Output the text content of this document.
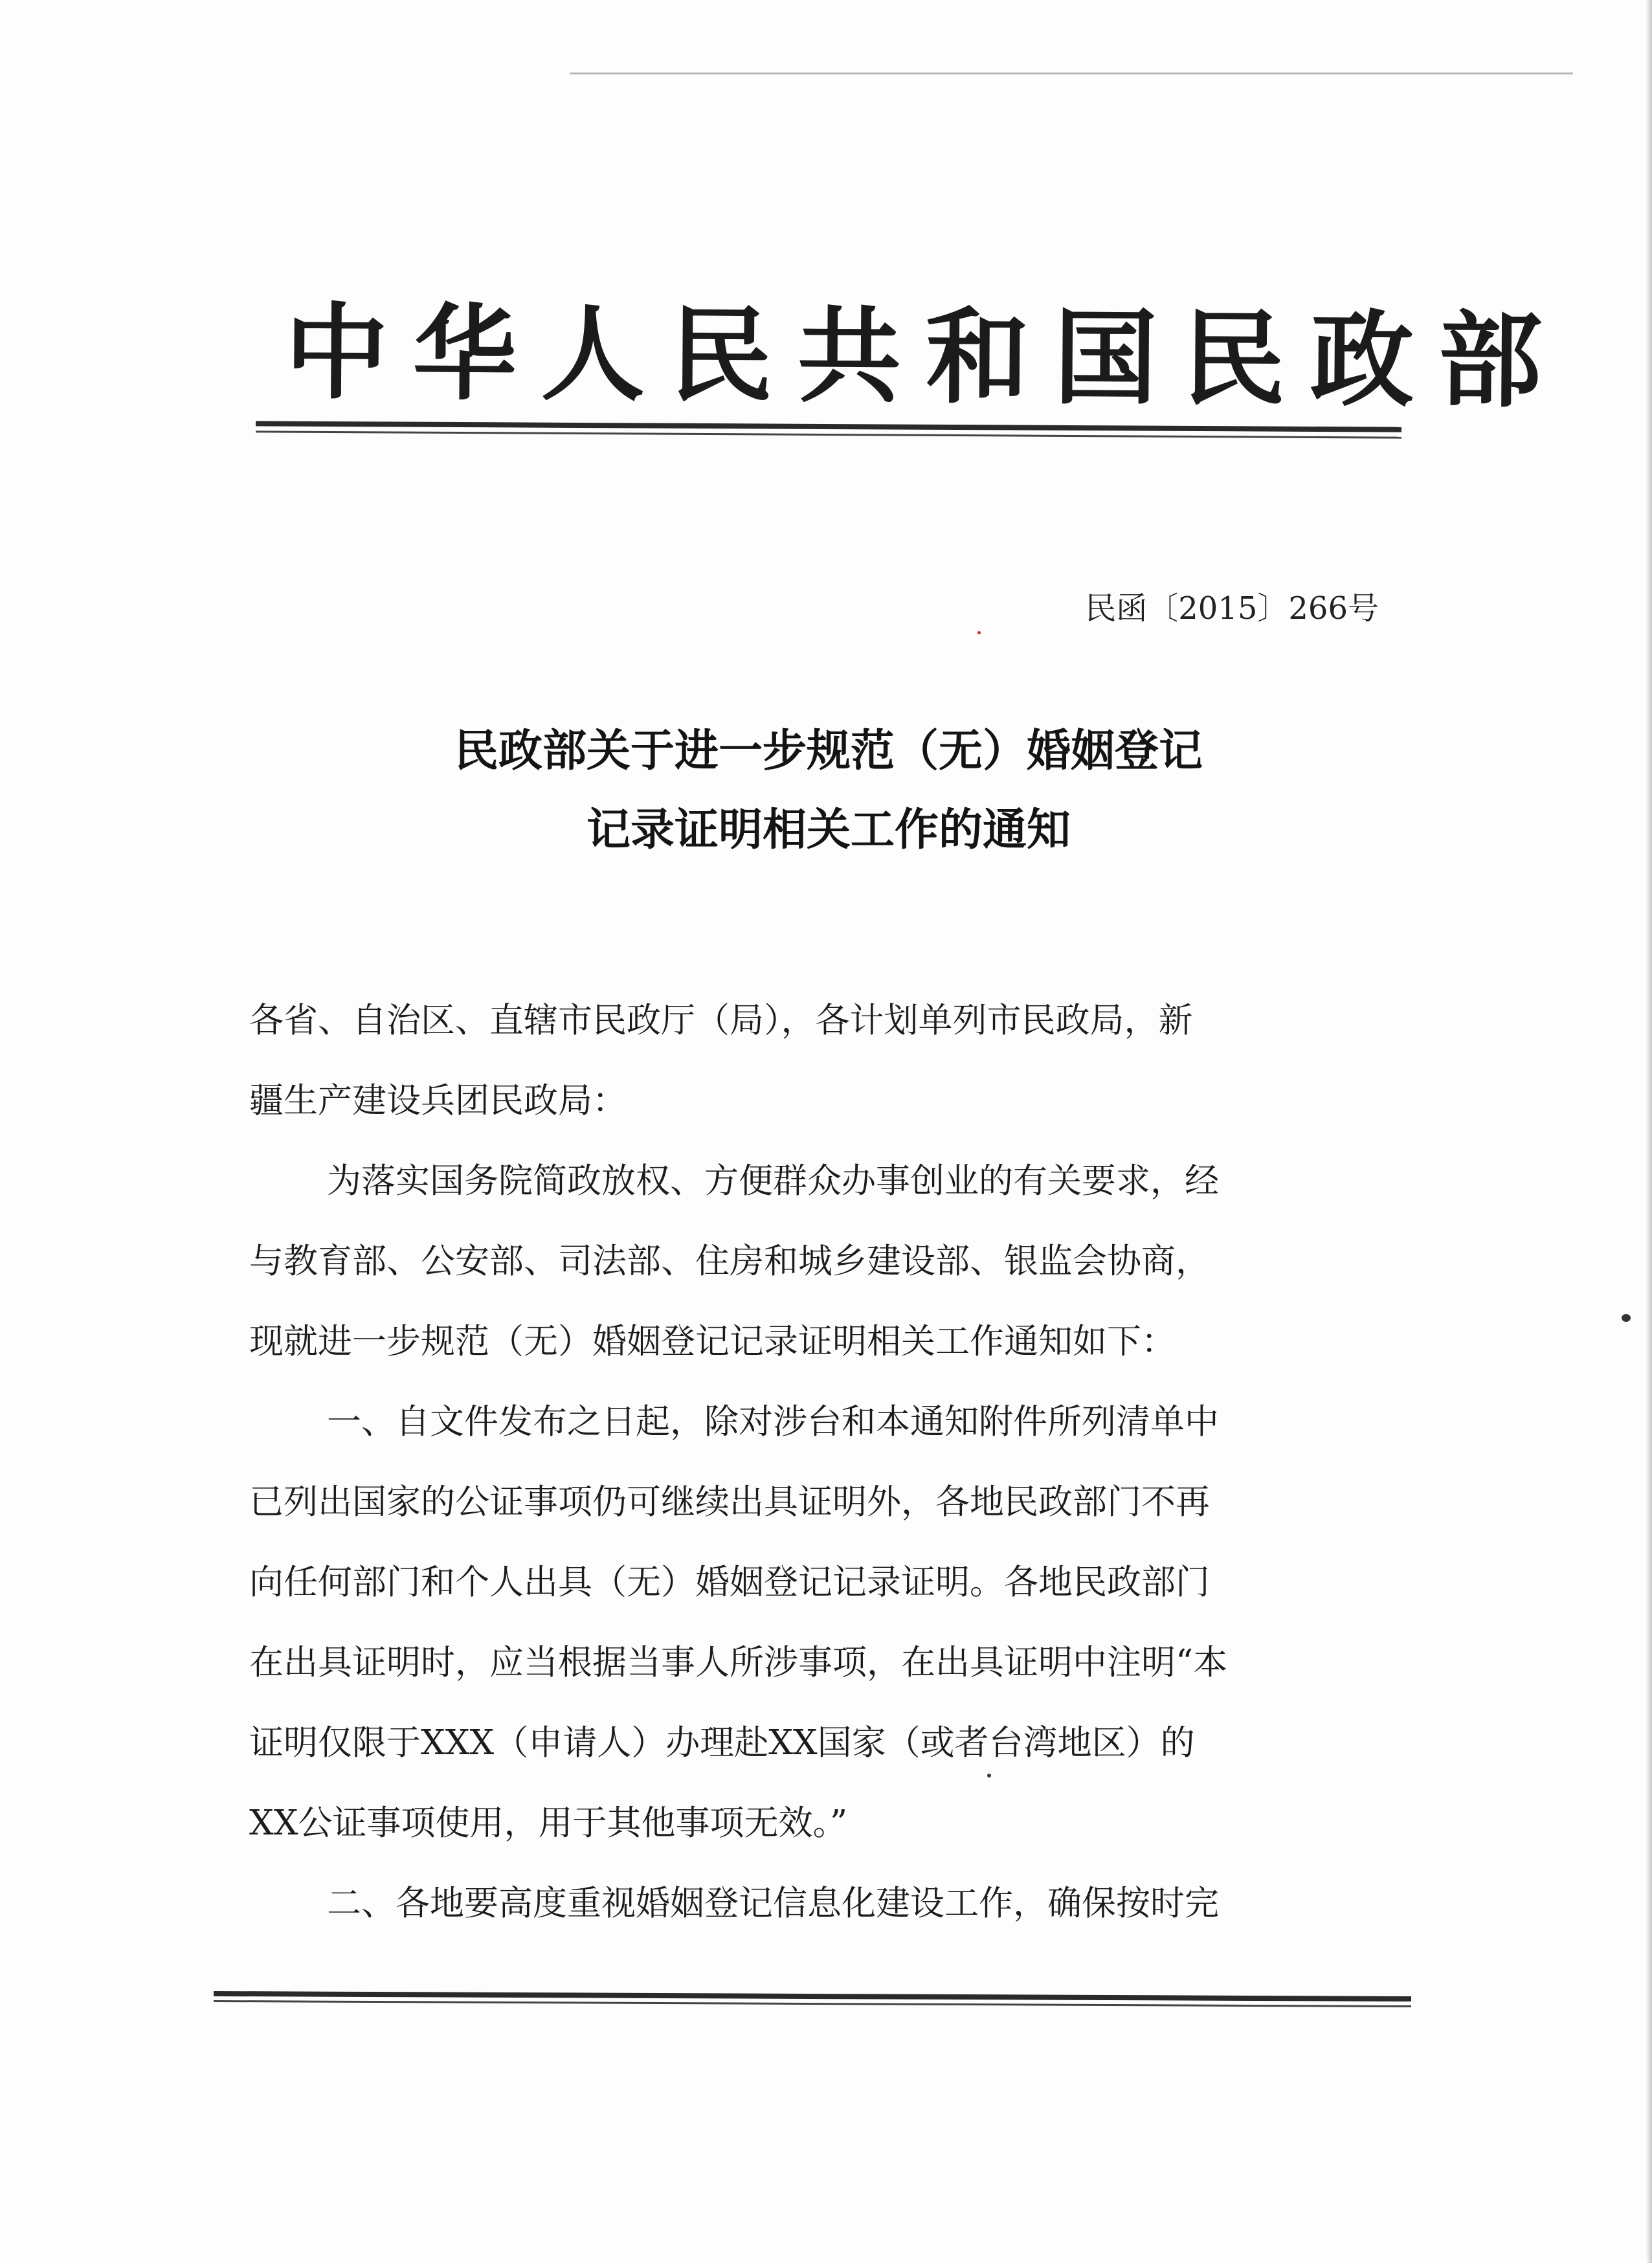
中华人民共和国民政部
民函〔2015〕266号
民政部关于进一步规范（无）婚姻登记
记录证明相关工作的通知
各省、自治区、直辖市民政厅（局），各计划单列市民政局，新
疆生产建设兵团民政局：
为落实国务院简政放权、方便群众办事创业的有关要求，经
与教育部、公安部、司法部、住房和城乡建设部、银监会协商，
现就进一步规范（无）婚姻登记记录证明相关工作通知如下：
一、自文件发布之日起，除对涉台和本通知附件所列清单中
已列出国家的公证事项仍可继续出具证明外，各地民政部门不再
向任何部门和个人出具（无）婚姻登记记录证明。各地民政部门
在出具证明时，应当根据当事人所涉事项，在出具证明中注明“本
证明仅限于XXX（申请人）办理赴XX国家（或者台湾地区）的
XX公证事项使用，用于其他事项无效。”
二、各地要高度重视婚姻登记信息化建设工作，确保按时完
